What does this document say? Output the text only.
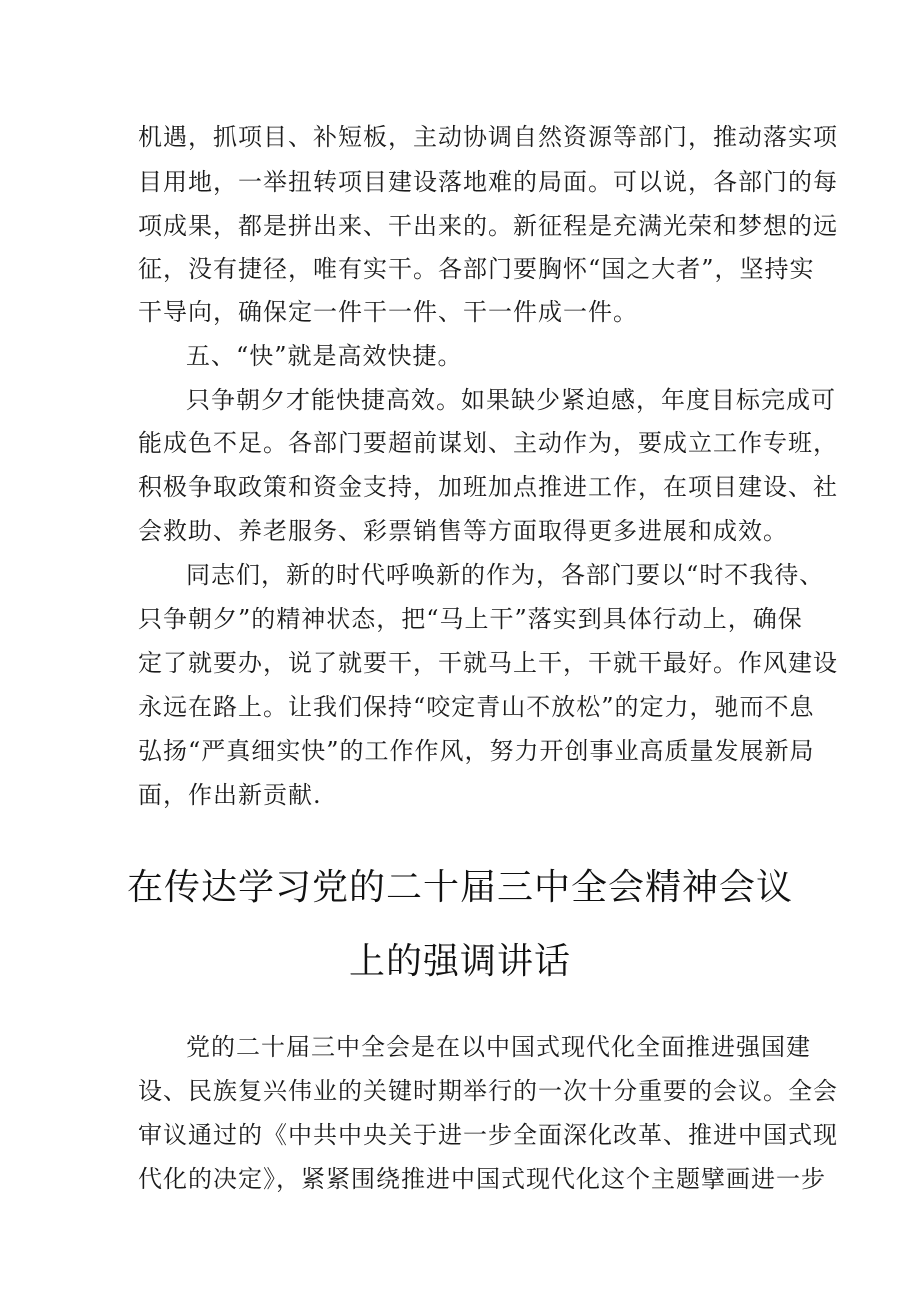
机遇，抓项目、补短板，主动协调自然资源等部门，推动落实项
目用地，一举扭转项目建设落地难的局面。可以说，各部门的每
项成果，都是拼出来、干出来的。新征程是充满光荣和梦想的远
征，没有捷径，唯有实干。各部门要胸怀“国之大者”，坚持实
干导向，确保定一件干一件、干一件成一件。
五、“快”就是高效快捷。
只争朝夕才能快捷高效。如果缺少紧迫感，年度目标完成可
能成色不足。各部门要超前谋划、主动作为，要成立工作专班，
积极争取政策和资金支持，加班加点推进工作，在项目建设、社
会救助、养老服务、彩票销售等方面取得更多进展和成效。
同志们，新的时代呼唤新的作为，各部门要以“时不我待、
只争朝夕”的精神状态，把“马上干”落实到具体行动上，确保
定了就要办，说了就要干，干就马上干，干就干最好。作风建设
永远在路上。让我们保持“咬定青山不放松”的定力，驰而不息
弘扬“严真细实快”的工作作风，努力开创事业高质量发展新局
面，作出新贡献.
在传达学习党的二十届三中全会精神会议
上的强调讲话
党的二十届三中全会是在以中国式现代化全面推进强国建
设、民族复兴伟业的关键时期举行的一次十分重要的会议。全会
审议通过的《中共中央关于进一步全面深化改革、推进中国式现
代化的决定》，紧紧围绕推进中国式现代化这个主题擘画进一步
